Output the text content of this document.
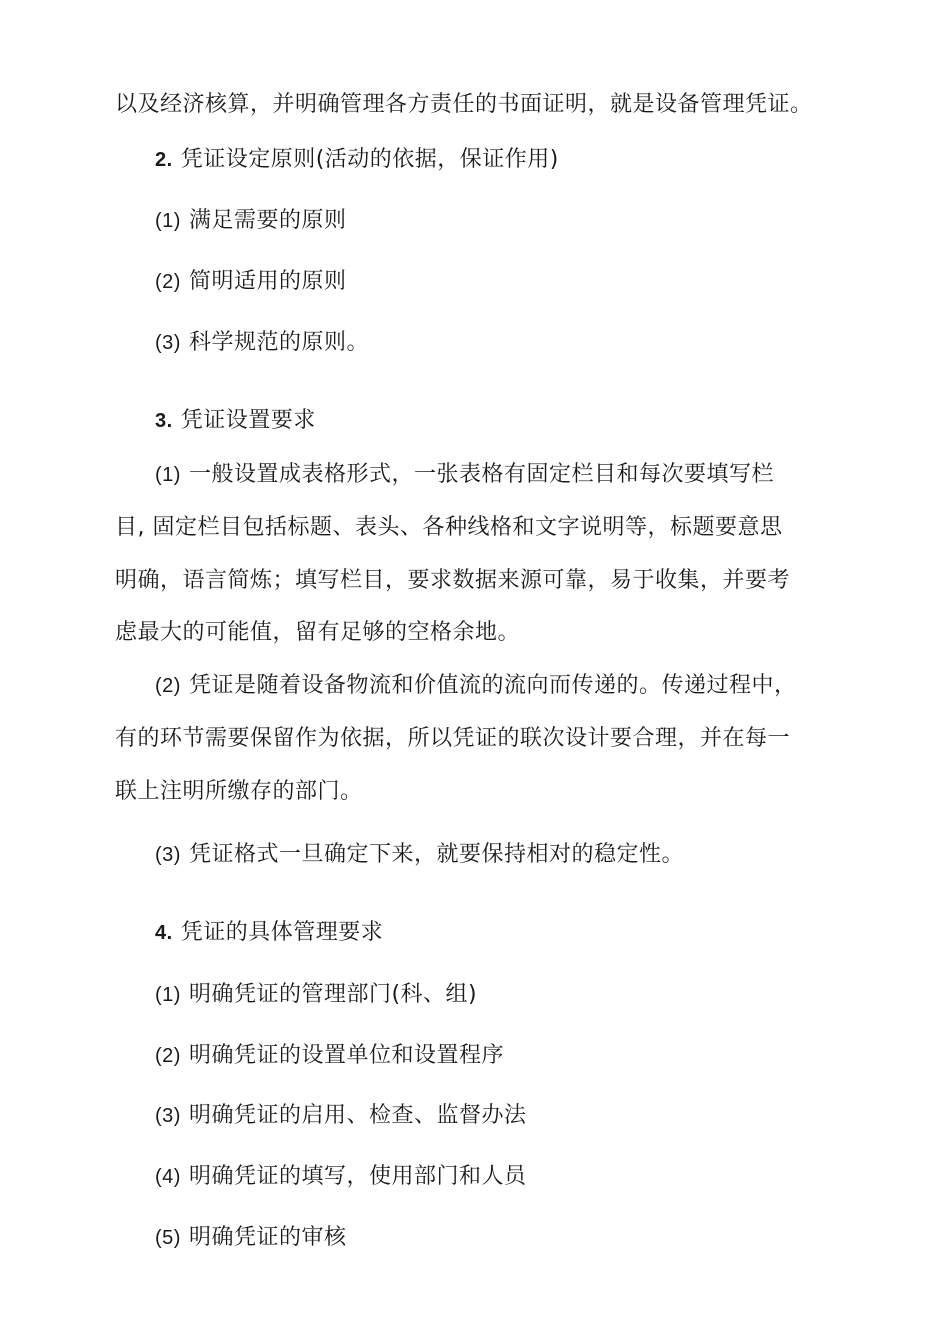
以及经济核算，并明确管理各方责任的书面证明，就是设备管理凭证。
2. 凭证设定原则(活动的依据，保证作用)
(1) 满足需要的原则
(2) 简明适用的原则
(3) 科学规范的原则。
3. 凭证设置要求
(1) 一般设置成表格形式，一张表格有固定栏目和每次要填写栏
目, 固定栏目包括标题、表头、各种线格和文字说明等，标题要意思
明确，语言简炼；填写栏目，要求数据来源可靠，易于收集，并要考
虑最大的可能值，留有足够的空格余地。
(2) 凭证是随着设备物流和价值流的流向而传递的。传递过程中，
有的环节需要保留作为依据，所以凭证的联次设计要合理，并在每一
联上注明所缴存的部门。
(3) 凭证格式一旦确定下来，就要保持相对的稳定性。
4. 凭证的具体管理要求
(1) 明确凭证的管理部门(科、组)
(2) 明确凭证的设置单位和设置程序
(3) 明确凭证的启用、检查、监督办法
(4) 明确凭证的填写，使用部门和人员
(5) 明确凭证的审核
